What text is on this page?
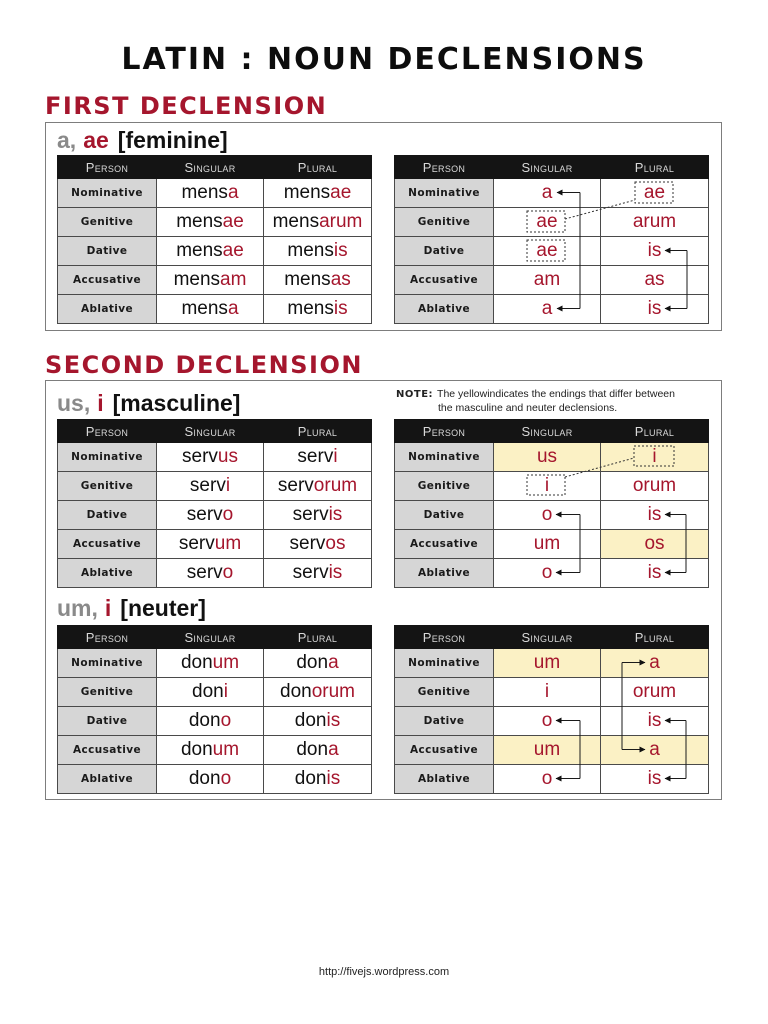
LATIN : NOUN DECLENSIONS
FIRST DECLENSION
a, ae [feminine]
Person	Singular	Plural
Nominative	mensa	mensae
Genitive	mensae	mensarum
Dative	mensae	mensis
Accusative	mensam	mensas
Ablative	mensa	mensis
Person	Singular	Plural
Nominative	a	ae
Genitive	ae	arum
Dative	ae	is
Accusative	am	as
Ablative	a	is
SECOND DECLENSION
us, i [masculine]	NOTE: The yellowindicates the endings that differ between
the masculine and neuter declensions.
Person	Singular	Plural
Nominative	servus	servi
Genitive	servi	servorum
Dative	servo	servis
Accusative	servum	servos
Ablative	servo	servis
Person	Singular	Plural
Nominative	us	i
Genitive	i	orum
Dative	o	is
Accusative	um	os
Ablative	o	is
um, i [neuter]
Person	Singular	Plural
Nominative	donum	dona
Genitive	doni	donorum
Dative	dono	donis
Accusative	donum	dona
Ablative	dono	donis
Person	Singular	Plural
Nominative	um	a
Genitive	i	orum
Dative	o	is
Accusative	um	a
Ablative	o	is
http://fivejs.wordpress.com
